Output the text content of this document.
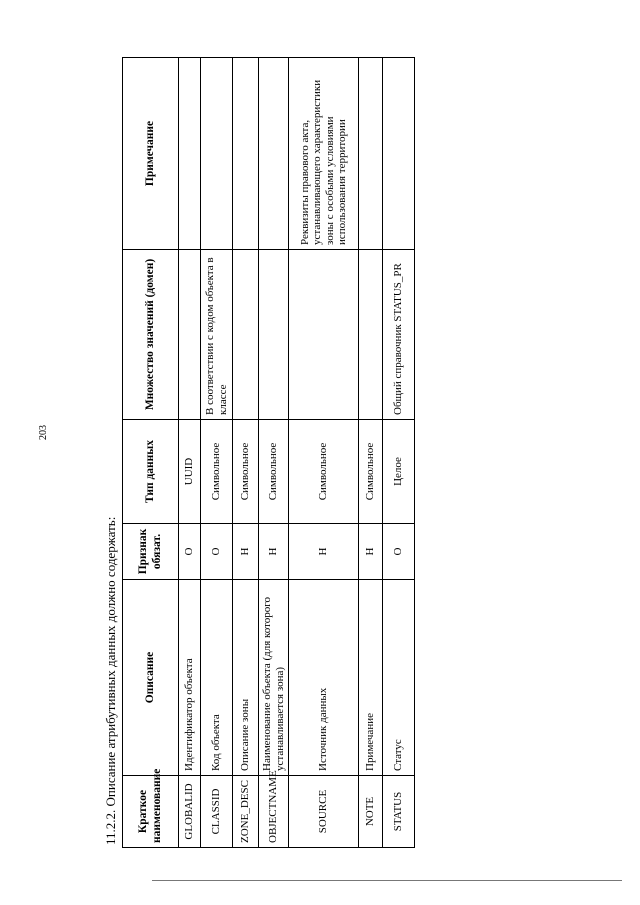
203
11.2.2. Описание атрибутивных данных должно содержать:	Краткое наименование	Описание	Признак обязат.	Тип данных	Множество значений (домен)	Примечание
GLOBALID	Идентификатор объекта	О	UUID		
CLASSID	Код объекта	О	Символьное	В соответствии с кодом объекта в классе	
ZONE_DESC	Описание зоны	Н	Символьное		
OBJECTNAME	Наименование объекта (для которого устанавливается зона)	Н	Символьное		
SOURCE	Источник данных	Н	Символьное		Реквизиты правового акта, устанавливающего характеристики зоны с особыми условиями использования территории
NOTE	Примечание	Н	Символьное		
STATUS	Статус	О	Целое	Общий справочник STATUS_PR	
